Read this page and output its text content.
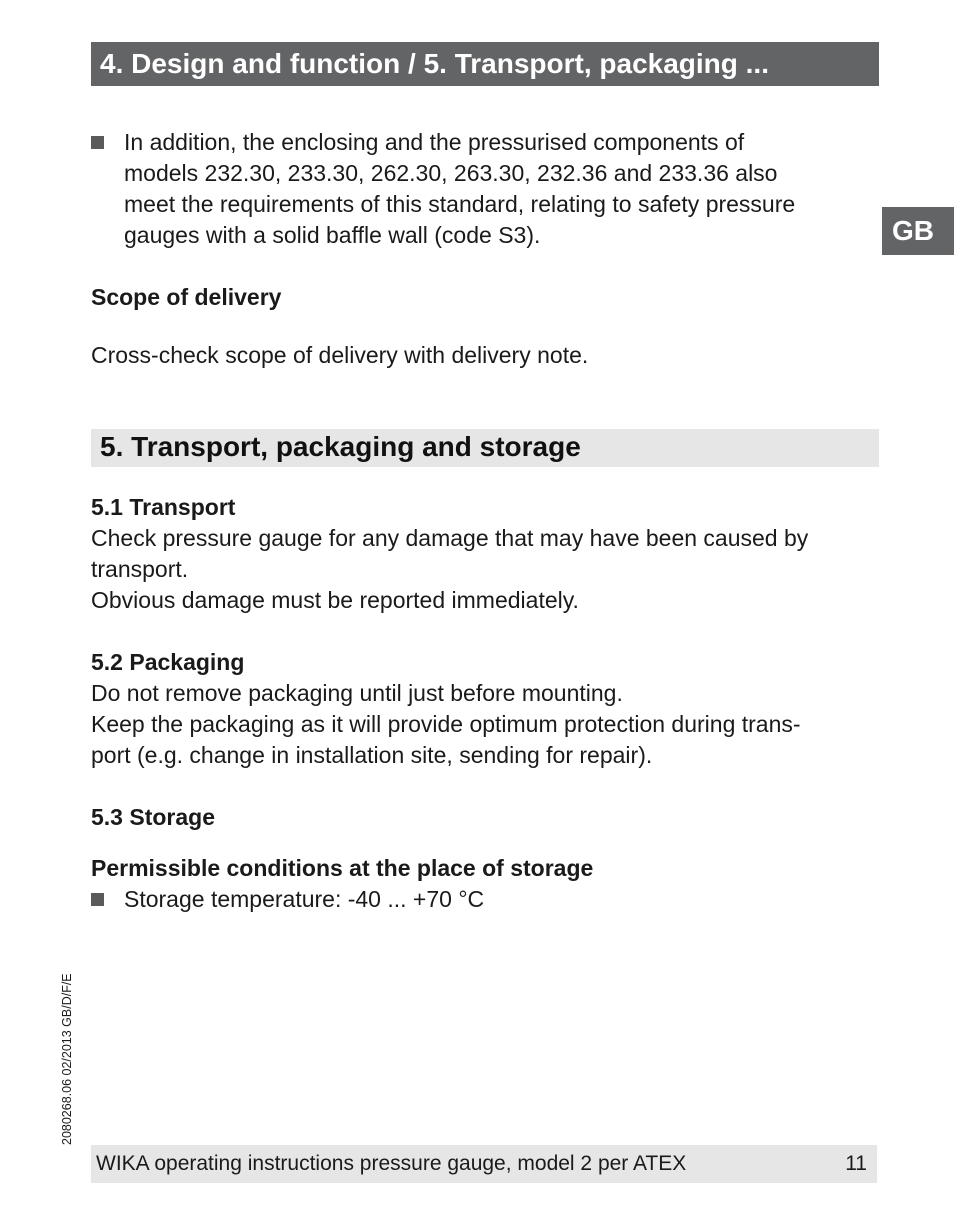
4. Design and function / 5. Transport, packaging ...
GB
In addition, the enclosing and the pressurised components of
models 232.30, 233.30, 262.30, 263.30, 232.36 and 233.36 also
meet the requirements of this standard, relating to safety pressure
gauges with a solid baffle wall (code S3).
Scope of delivery
Cross-check scope of delivery with delivery note.
5. Transport, packaging and storage
5.1 Transport
Check pressure gauge for any damage that may have been caused by
transport.
Obvious damage must be reported immediately.
5.2 Packaging
Do not remove packaging until just before mounting.
Keep the packaging as it will provide optimum protection during trans-
port (e.g. change in installation site, sending for repair).
5.3 Storage
Permissible conditions at the place of storage
Storage temperature: -40 ... +70 °C
2080268.06 02/2013 GB/D/F/E
WIKA operating instructions pressure gauge, model 2 per ATEX	11
